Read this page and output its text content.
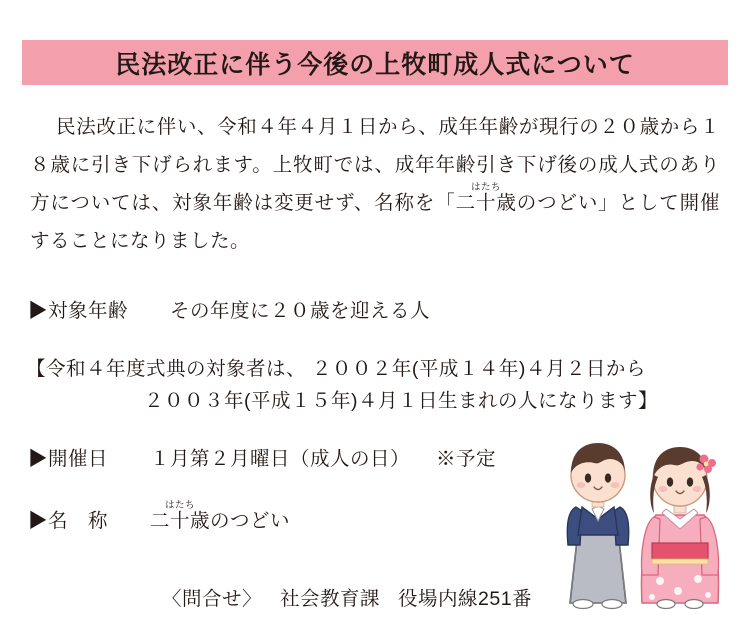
民法改正に伴う今後の上牧町成人式について
民法改正に伴い、令和４年４月１日から、成年年齢が現行の２０歳から１８歳に引き下げられます。上牧町では、成年年齢引き下げ後の成人式のあり方については、対象年齢は変更せず、名称を「二十歳はたちのつどい」として開催することになりました。
▶対象年齢 その年度に２０歳を迎える人
【令和４年度式典の対象者は、 ２００２年(平成１４年)４月２日から
２００３年(平成１５年)４月１日生まれの人になります】
▶開催日 １月第２月曜日（成人の日） ※予定
▶名　称 二十歳はたちのつどい
〈問合せ〉 社会教育課 役場内線251番
